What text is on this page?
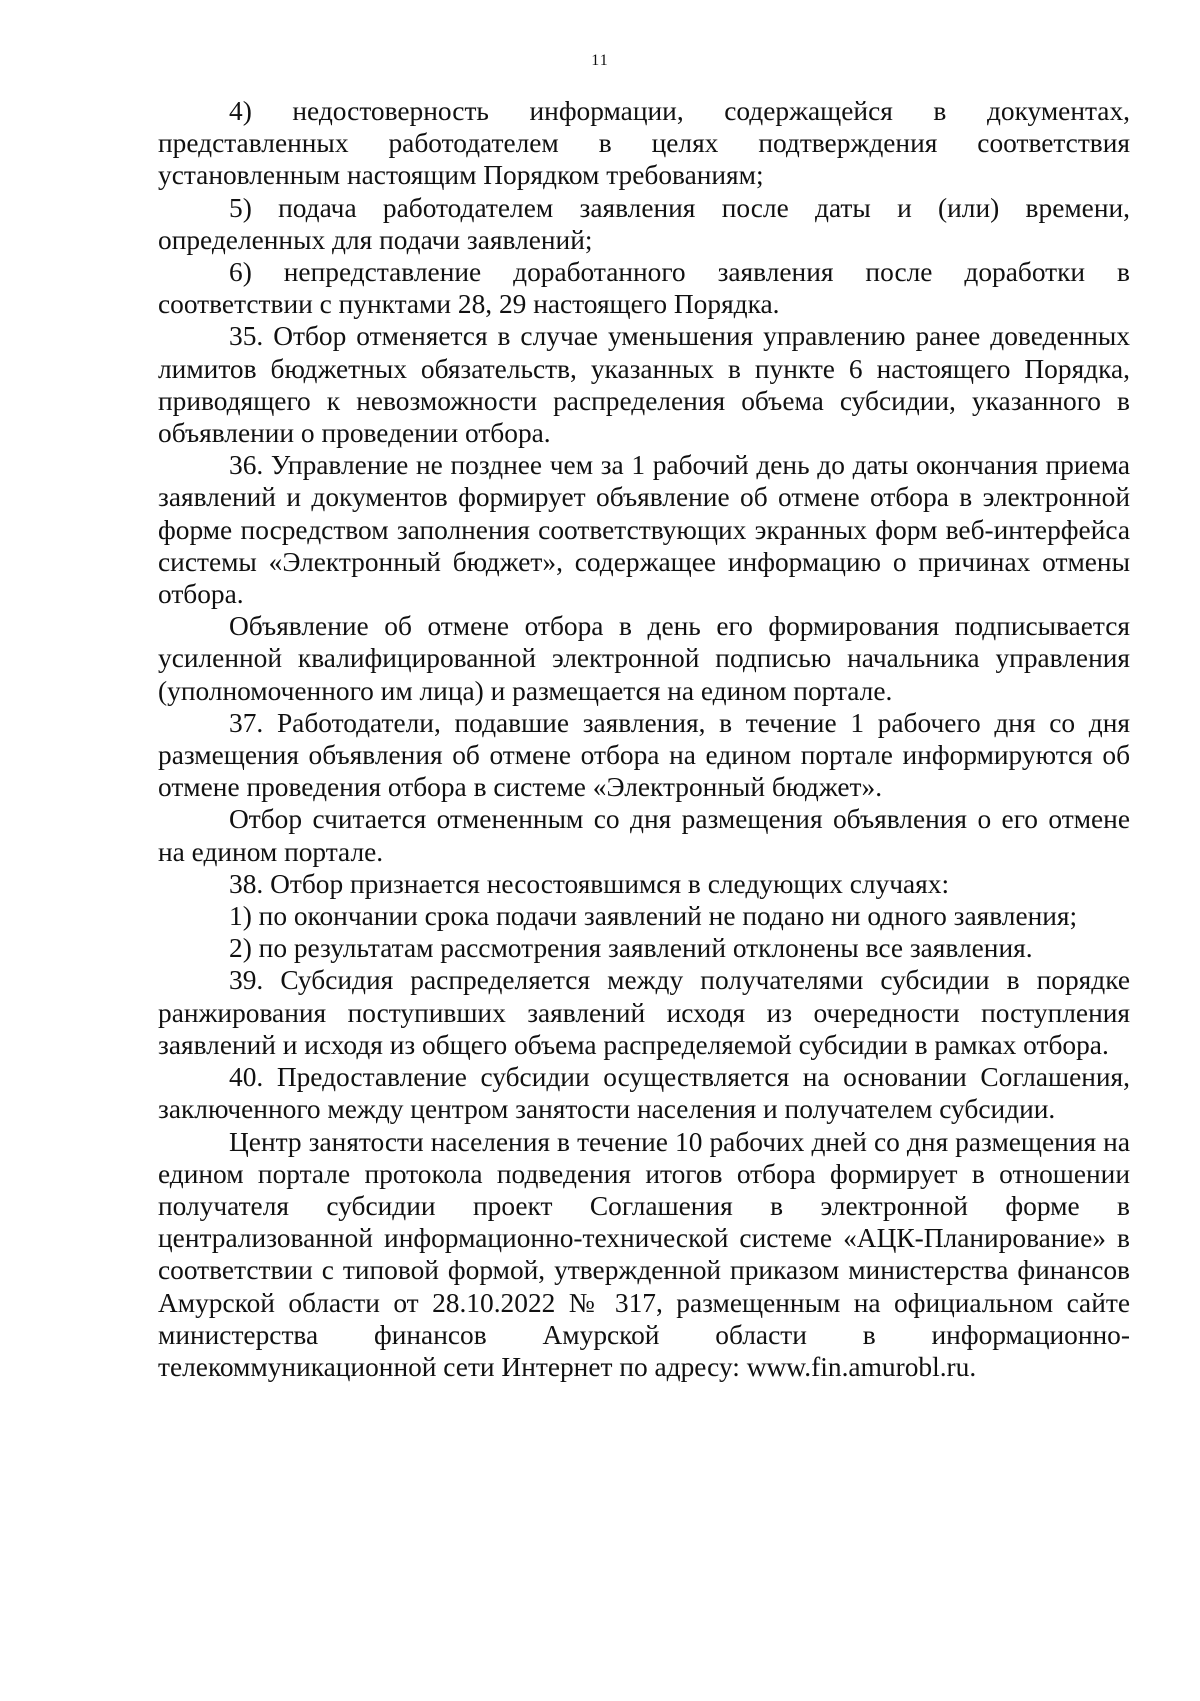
11

4) недостоверность информации, содержащейся в документах, представленных работодателем в целях подтверждения соответствия установленным настоящим Порядком требованиям;

5) подача работодателем заявления после даты и (или) времени, определенных для подачи заявлений;

6) непредставление доработанного заявления после доработки в соответствии с пунктами 28, 29 настоящего Порядка.

35. Отбор отменяется в случае уменьшения управлению ранее доведенных лимитов бюджетных обязательств, указанных в пункте 6 настоящего Порядка, приводящего к невозможности распределения объема субсидии, указанного в объявлении о проведении отбора.

36. Управление не позднее чем за 1 рабочий день до даты окончания приема заявлений и документов формирует объявление об отмене отбора в электронной форме посредством заполнения соответствующих экранных форм веб-интерфейса системы «Электронный бюджет», содержащее информацию о причинах отмены отбора.

Объявление об отмене отбора в день его формирования подписывается усиленной квалифицированной электронной подписью начальника управления (уполномоченного им лица) и размещается на едином портале.

37. Работодатели, подавшие заявления, в течение 1 рабочего дня со дня размещения объявления об отмене отбора на едином портале информируются об отмене проведения отбора в системе «Электронный бюджет».

Отбор считается отмененным со дня размещения объявления о его отмене на едином портале.

38. Отбор признается несостоявшимся в следующих случаях:

1) по окончании срока подачи заявлений не подано ни одного заявления;

2) по результатам рассмотрения заявлений отклонены все заявления.

39. Субсидия распределяется между получателями субсидии в порядке ранжирования поступивших заявлений исходя из очередности поступления заявлений и исходя из общего объема распределяемой субсидии в рамках отбора.

40. Предоставление субсидии осуществляется на основании Соглашения, заключенного между центром занятости населения и получателем субсидии.

Центр занятости населения в течение 10 рабочих дней со дня размещения на едином портале протокола подведения итогов отбора формирует в отношении получателя субсидии проект Соглашения в электронной форме в централизованной информационно-технической системе «АЦК-Планирование» в соответствии с типовой формой, утвержденной приказом министерства финансов Амурской области от 28.10.2022 № 317, размещенным на официальном сайте министерства финансов Амурской области в информационно-телекоммуникационной сети Интернет по адресу: www.fin.amurobl.ru.
